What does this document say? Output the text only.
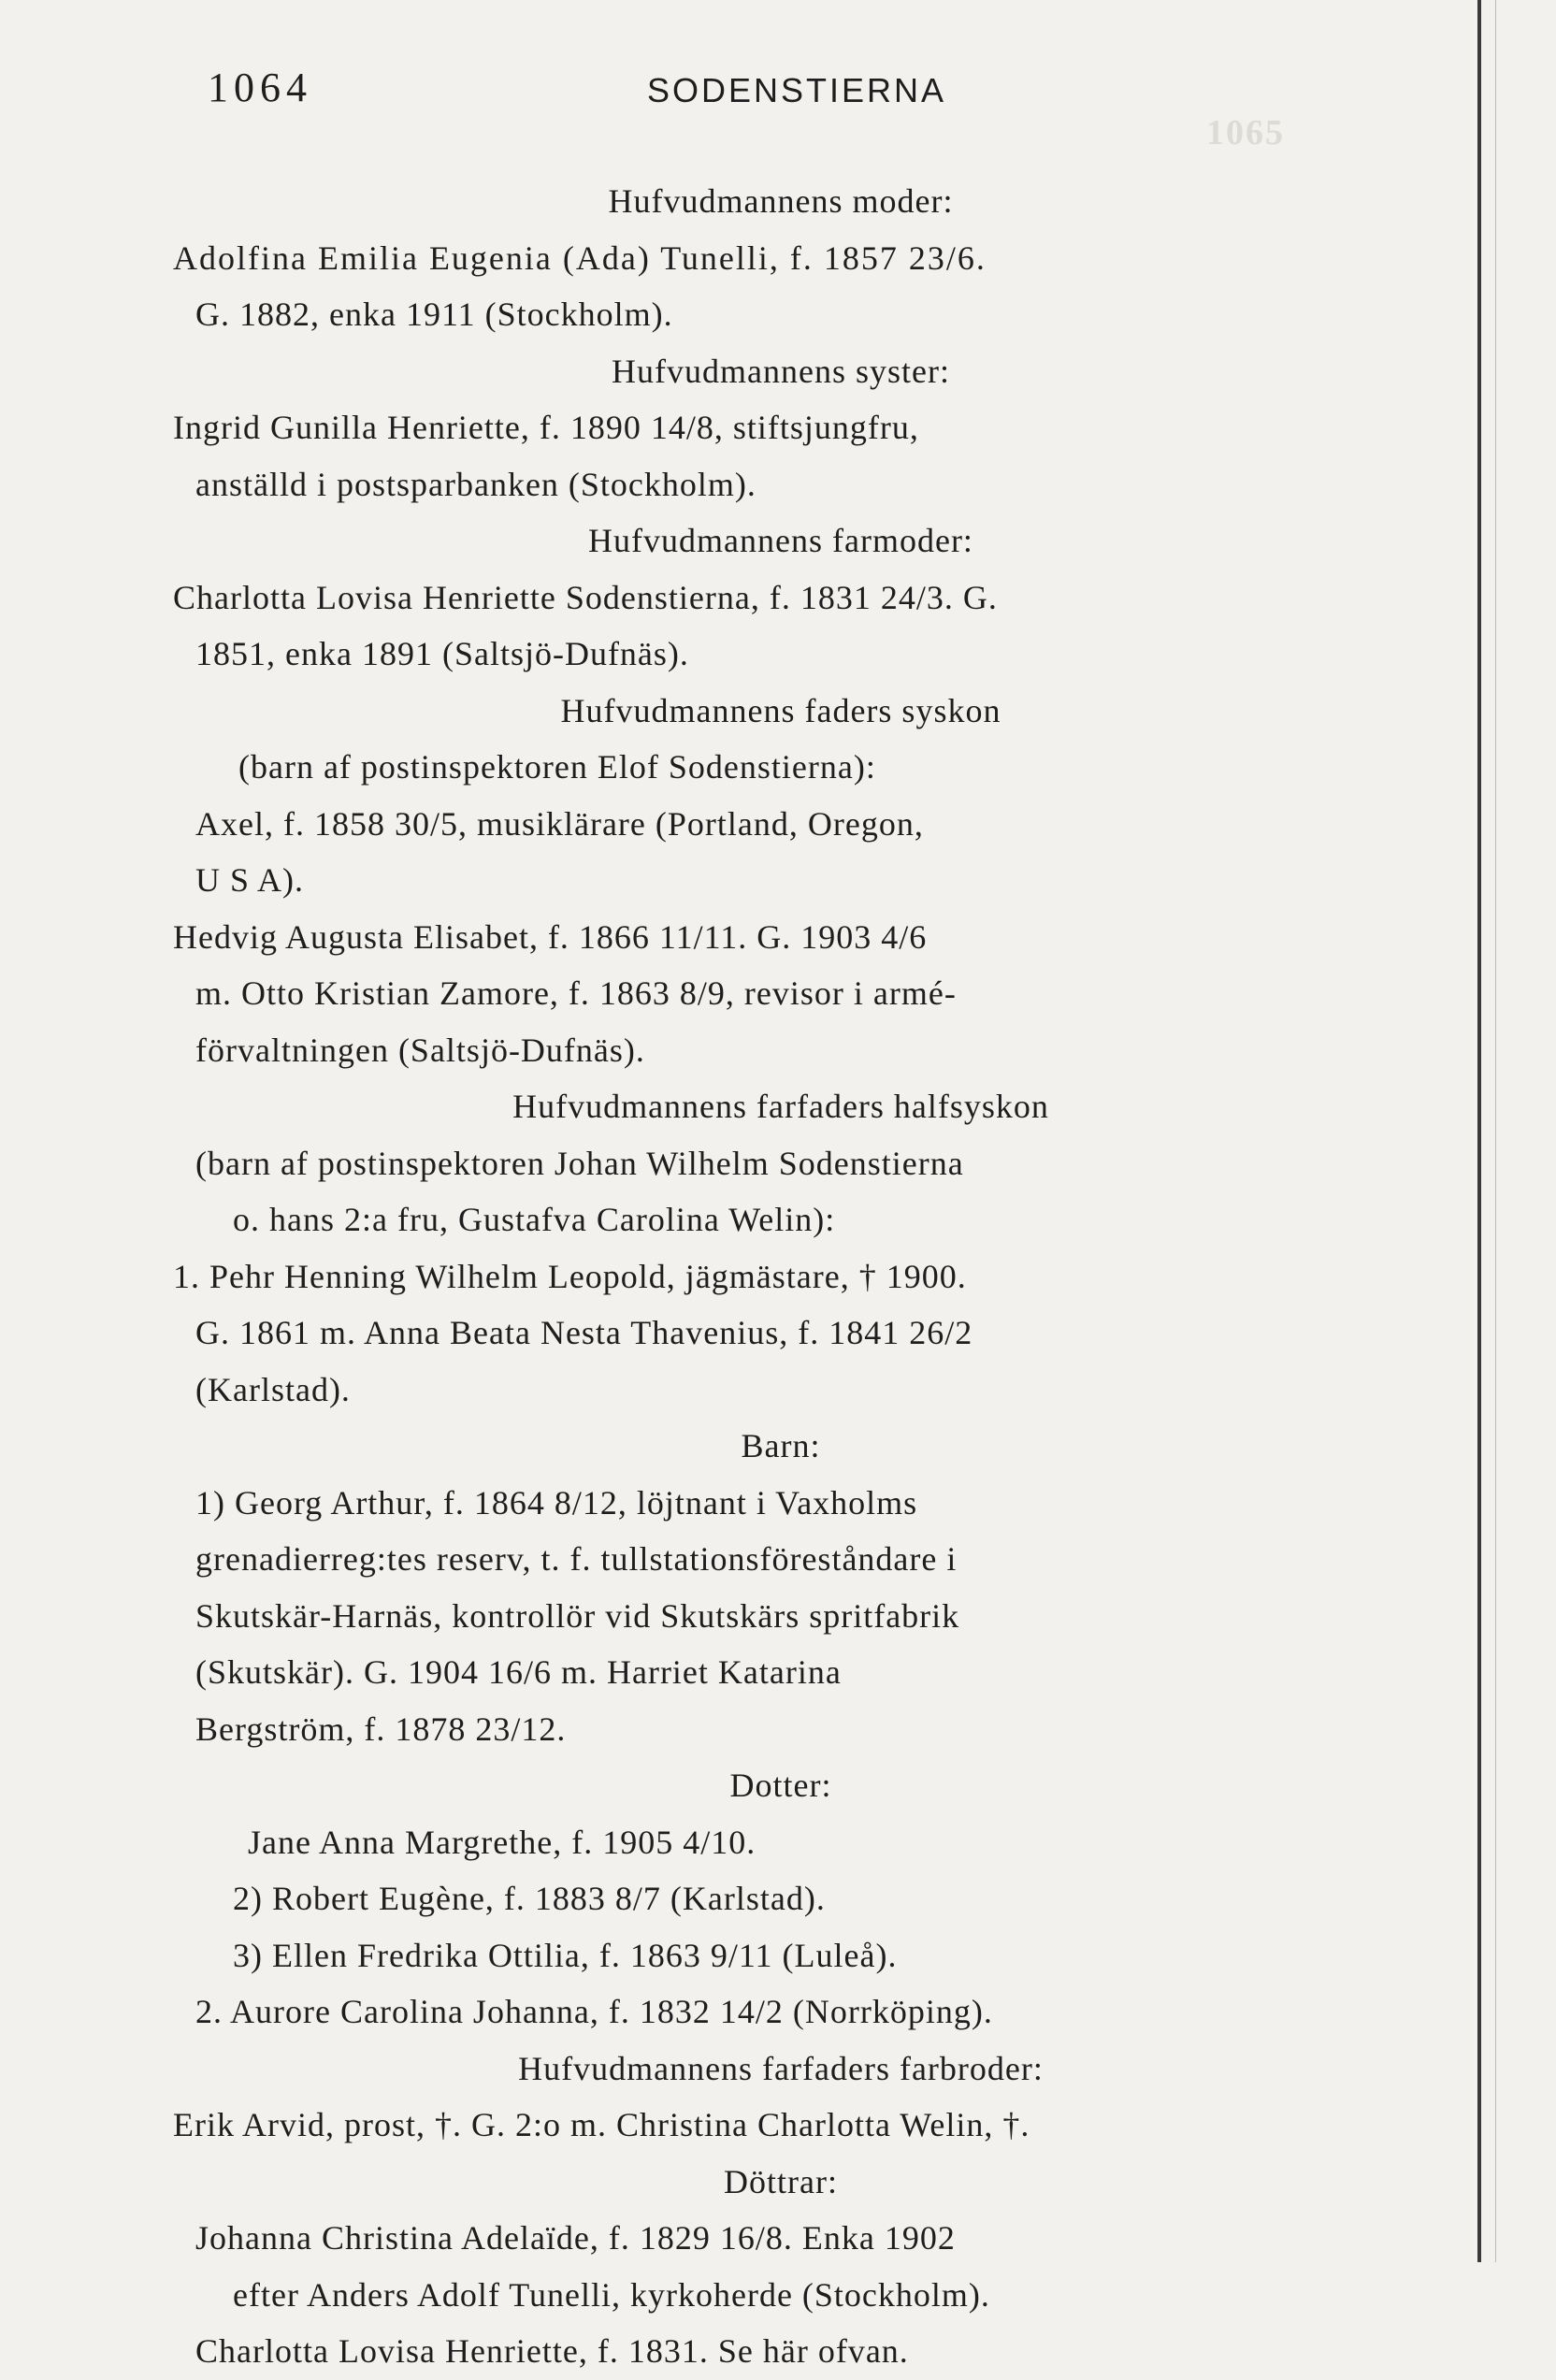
1065
1064	SODENSTIERNA
Hufvudmannens moder:
Adolfina Emilia Eugenia (Ada) Tunelli, f. 1857 23/6.
G. 1882, enka 1911 (Stockholm).
Hufvudmannens syster:
Ingrid Gunilla Henriette, f. 1890 14/8, stiftsjungfru,
anställd i postsparbanken (Stockholm).
Hufvudmannens farmoder:
Charlotta Lovisa Henriette Sodenstierna, f. 1831 24/3. G.
1851, enka 1891 (Saltsjö-Dufnäs).
Hufvudmannens faders syskon
(barn af postinspektoren Elof Sodenstierna):
Axel, f. 1858 30/5, musiklärare (Portland, Oregon,
U S A).
Hedvig Augusta Elisabet, f. 1866 11/11. G. 1903 4/6
m. Otto Kristian Zamore, f. 1863 8/9, revisor i armé-
förvaltningen (Saltsjö-Dufnäs).
Hufvudmannens farfaders halfsyskon
(barn af postinspektoren Johan Wilhelm Sodenstierna
o. hans 2:a fru, Gustafva Carolina Welin):
1. Pehr Henning Wilhelm Leopold, jägmästare, † 1900.
G. 1861 m. Anna Beata Nesta Thavenius, f. 1841 26/2
(Karlstad).
Barn:
1) Georg Arthur, f. 1864 8/12, löjtnant i Vaxholms
grenadierreg:tes reserv, t. f. tullstationsföreståndare i
Skutskär-Harnäs, kontrollör vid Skutskärs spritfabrik
(Skutskär). G. 1904 16/6 m. Harriet Katarina
Bergström, f. 1878 23/12.
Dotter:
Jane Anna Margrethe, f. 1905 4/10.
2) Robert Eugène, f. 1883 8/7 (Karlstad).
3) Ellen Fredrika Ottilia, f. 1863 9/11 (Luleå).
2. Aurore Carolina Johanna, f. 1832 14/2 (Norrköping).
Hufvudmannens farfaders farbroder:
Erik Arvid, prost, †. G. 2:o m. Christina Charlotta Welin, †.
Döttrar:
Johanna Christina Adelaïde, f. 1829 16/8. Enka 1902
efter Anders Adolf Tunelli, kyrkoherde (Stockholm).
Charlotta Lovisa Henriette, f. 1831. Se här ofvan.
